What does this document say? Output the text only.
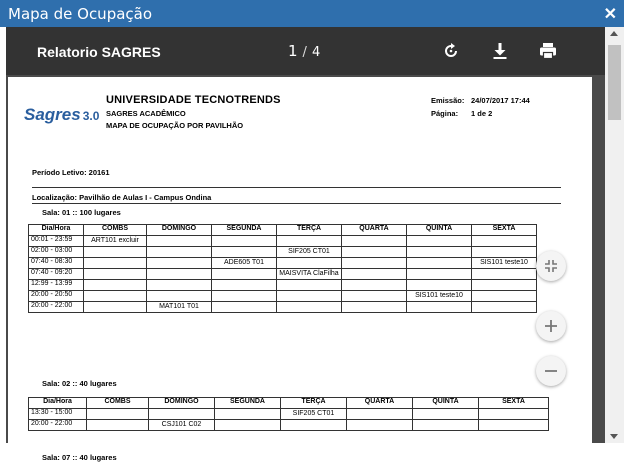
Mapa de Ocupação	✕
Relatorio SAGRES	1 / 4
Sagres 3.0
UNIVERSIDADE TECNOTRENDS
SAGRES ACADÊMICO
MAPA DE OCUPAÇÃO POR PAVILHÃO
Emissão: 24/07/2017 17:44
Página: 1 de 2
Período Letivo: 20161
Localização: Pavilhão de Aulas I - Campus Ondina
Sala: 01 :: 100 lugares
Dia/Hora	COMBS	DOMINGO	SEGUNDA	TERÇA	QUARTA	QUINTA	SEXTA
00:01 - 23:59	ART101 excluir						
02:00 - 03:00				SIF205 CT01			
07:40 - 08:30			ADE605 T01				SIS101 teste10
07:40 - 09:20				MAISVITA ClaFilha			
12:99 - 13:99							
20:00 - 20:50						SIS101 teste10	
20:00 - 22:00		MAT101 T01					
Sala: 02 :: 40 lugares
Dia/Hora	COMBS	DOMINGO	SEGUNDA	TERÇA	QUARTA	QUINTA	SEXTA
13:30 - 15:00				SIF205 CT01			
20:00 - 22:00		CSJ101 C02					
Sala: 07 :: 40 lugares
